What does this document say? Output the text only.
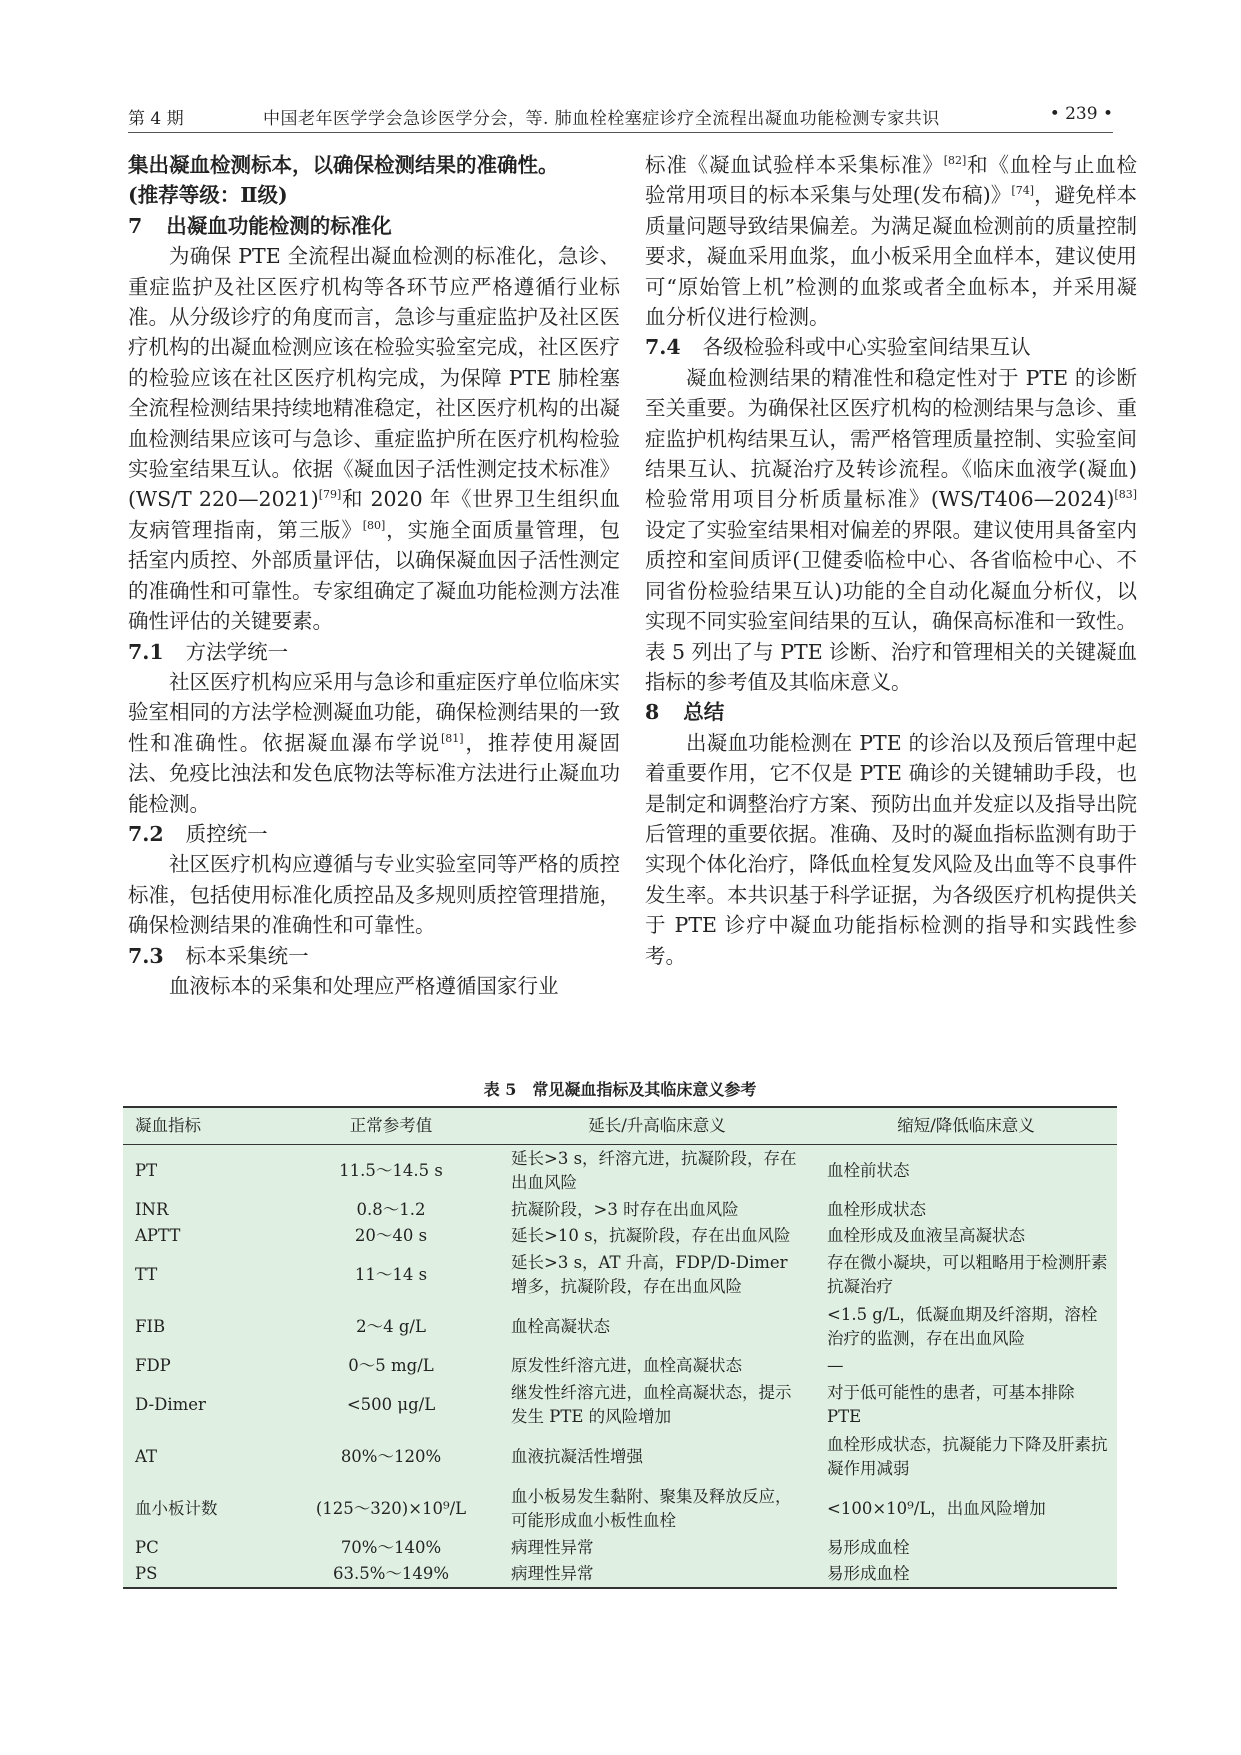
第 4 期	中国老年医学学会急诊医学分会，等. 肺血栓栓塞症诊疗全流程出凝血功能检测专家共识	• 239 •

集出凝血检测标本，以确保检测结果的准确性。
(推荐等级：Ⅱ级)

7 出凝血功能检测的标准化

为确保 PTE 全流程出凝血检测的标准化，急诊、重症监护及社区医疗机构等各环节应严格遵循行业标准。从分级诊疗的角度而言，急诊与重症监护及社区医疗机构的出凝血检测应该在检验实验室完成，社区医疗的检验应该在社区医疗机构完成，为保障 PTE 肺栓塞全流程检测结果持续地精准稳定，社区医疗机构的出凝血检测结果应该可与急诊、重症监护所在医疗机构检验实验室结果互认。依据《凝血因子活性测定技术标准》(WS/T 220—2021)[79]和 2020 年《世界卫生组织血友病管理指南，第三版》[80]，实施全面质量管理，包括室内质控、外部质量评估，以确保凝血因子活性测定的准确性和可靠性。专家组确定了凝血功能检测方法准确性评估的关键要素。

7.1 方法学统一

社区医疗机构应采用与急诊和重症医疗单位临床实验室相同的方法学检测凝血功能，确保检测结果的一致性和准确性。依据凝血瀑布学说[81]，推荐使用凝固法、免疫比浊法和发色底物法等标准方法进行止凝血功能检测。

7.2 质控统一

社区医疗机构应遵循与专业实验室同等严格的质控标准，包括使用标准化质控品及多规则质控管理措施，确保检测结果的准确性和可靠性。

7.3 标本采集统一

血液标本的采集和处理应严格遵循国家行业

标准《凝血试验样本采集标准》[82]和《血栓与止血检验常用项目的标本采集与处理(发布稿)》[74]，避免样本质量问题导致结果偏差。为满足凝血检测前的质量控制要求，凝血采用血浆，血小板采用全血样本，建议使用可“原始管上机”检测的血浆或者全血标本，并采用凝血分析仪进行检测。

7.4 各级检验科或中心实验室间结果互认

凝血检测结果的精准性和稳定性对于 PTE 的诊断至关重要。为确保社区医疗机构的检测结果与急诊、重症监护机构结果互认，需严格管理质量控制、实验室间结果互认、抗凝治疗及转诊流程。《临床血液学(凝血)检验常用项目分析质量标准》(WS/T406—2024)[83]设定了实验室结果相对偏差的界限。建议使用具备室内质控和室间质评(卫健委临检中心、各省临检中心、不同省份检验结果互认)功能的全自动化凝血分析仪，以实现不同实验室间结果的互认，确保高标准和一致性。表 5 列出了与 PTE 诊断、治疗和管理相关的关键凝血指标的参考值及其临床意义。

8 总结

出凝血功能检测在 PTE 的诊治以及预后管理中起着重要作用，它不仅是 PTE 确诊的关键辅助手段，也是制定和调整治疗方案、预防出血并发症以及指导出院后管理的重要依据。准确、及时的凝血指标监测有助于实现个体化治疗，降低血栓复发风险及出血等不良事件发生率。本共识基于科学证据，为各级医疗机构提供关于 PTE 诊疗中凝血功能指标检测的指导和实践性参考。

表 5　常见凝血指标及其临床意义参考
凝血指标	正常参考值	延长/升高临床意义	缩短/降低临床意义
PT	11.5～14.5 s	延长>3 s，纤溶亢进，抗凝阶段，存在出血风险	血栓前状态
INR	0.8～1.2	抗凝阶段，>3 时存在出血风险	血栓形成状态
APTT	20～40 s	延长>10 s，抗凝阶段，存在出血风险	血栓形成及血液呈高凝状态
TT	11～14 s	延长>3 s，AT 升高，FDP/D-Dimer 增多，抗凝阶段，存在出血风险	存在微小凝块，可以粗略用于检测肝素抗凝治疗
FIB	2～4 g/L	血栓高凝状态	<1.5 g/L，低凝血期及纤溶期，溶栓治疗的监测，存在出血风险
FDP	0～5 mg/L	原发性纤溶亢进，血栓高凝状态	—
D-Dimer	<500 μg/L	继发性纤溶亢进，血栓高凝状态，提示发生 PTE 的风险增加	对于低可能性的患者，可基本排除 PTE
AT	80%～120%	血液抗凝活性增强	血栓形成状态，抗凝能力下降及肝素抗凝作用减弱
血小板计数	(125～320)×10⁹/L	血小板易发生黏附、聚集及释放反应，可能形成血小板性血栓	<100×10⁹/L，出血风险增加
PC	70%～140%	病理性异常	易形成血栓
PS	63.5%～149%	病理性异常	易形成血栓
